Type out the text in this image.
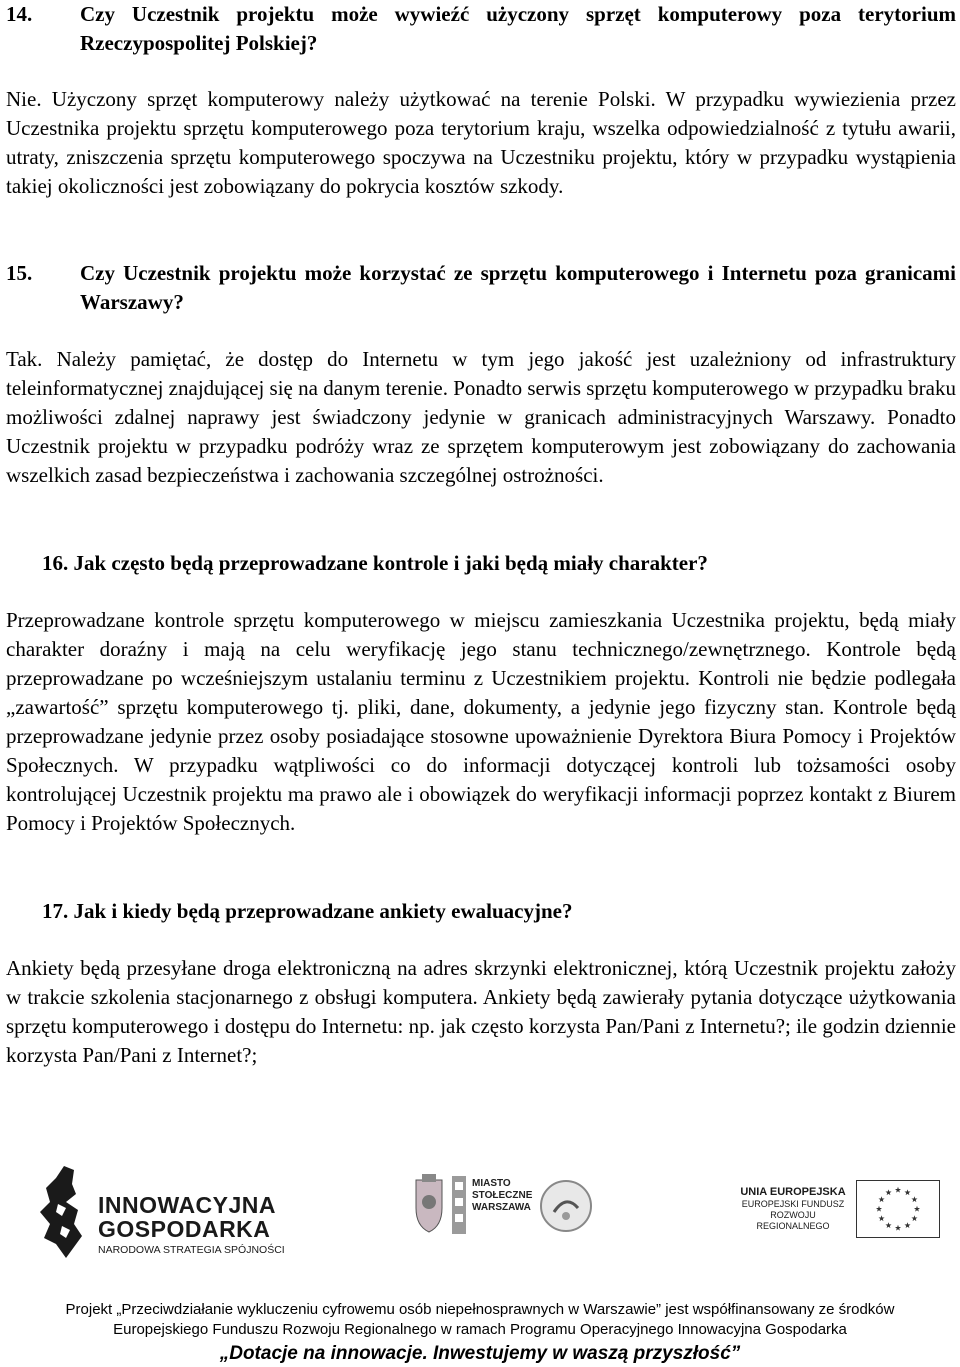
14. Czy Uczestnik projektu może wywieźć użyczony sprzęt komputerowy poza terytorium Rzeczypospolitej Polskiej?
Nie. Użyczony sprzęt komputerowy należy użytkować na terenie Polski. W przypadku wywiezienia przez Uczestnika projektu sprzętu komputerowego poza terytorium kraju, wszelka odpowiedzialność z tytułu awarii, utraty, zniszczenia sprzętu komputerowego spoczywa na Uczestniku projektu, który w przypadku wystąpienia takiej okoliczności jest zobowiązany do pokrycia kosztów szkody.
15. Czy Uczestnik projektu może korzystać ze sprzętu komputerowego i Internetu poza granicami Warszawy?
Tak. Należy pamiętać, że dostęp do Internetu w tym jego jakość jest uzależniony od infrastruktury teleinformatycznej znajdującej się na danym terenie. Ponadto serwis sprzętu komputerowego w przypadku braku możliwości zdalnej naprawy jest świadczony jedynie w granicach administracyjnych Warszawy. Ponadto Uczestnik projektu w przypadku podróży wraz ze sprzętem komputerowym jest zobowiązany do zachowania wszelkich zasad bezpieczeństwa i zachowania szczególnej ostrożności.
16. Jak często będą przeprowadzane kontrole i jaki będą miały charakter?
Przeprowadzane kontrole sprzętu komputerowego w miejscu zamieszkania Uczestnika projektu, będą miały charakter doraźny i mają na celu weryfikację jego stanu technicznego/zewnętrznego. Kontrole będą przeprowadzane po wcześniejszym ustalaniu terminu z Uczestnikiem projektu. Kontroli nie będzie podlegała „zawartość” sprzętu komputerowego tj. pliki, dane, dokumenty, a jedynie jego fizyczny stan. Kontrole będą przeprowadzane jedynie przez osoby posiadające stosowne upoważnienie Dyrektora Biura Pomocy i Projektów Społecznych. W przypadku wątpliwości co do informacji dotyczącej kontroli lub tożsamości osoby kontrolującej Uczestnik projektu ma prawo ale i obowiązek do weryfikacji informacji poprzez kontakt z Biurem Pomocy i Projektów Społecznych.
17. Jak i kiedy będą przeprowadzane ankiety ewaluacyjne?
Ankiety będą przesyłane droga elektroniczną na adres skrzynki elektronicznej, którą Uczestnik projektu założy w trakcie szkolenia stacjonarnego z obsługi komputera. Ankiety będą zawierały pytania dotyczące użytkowania sprzętu komputerowego i dostępu do Internetu: np. jak często korzysta Pan/Pani z Internetu?; ile godzin dziennie korzysta Pan/Pani z Internet?;
INNOWACYJNA
GOSPODARKA
NARODOWA STRATEGIA SPÓJNOŚCI
MIASTO
STOŁECZNE
WARSZAWA
UNIA EUROPEJSKA
EUROPEJSKI FUNDUSZ
ROZWOJU REGIONALNEGO
Projekt „Przeciwdziałanie wykluczeniu cyfrowemu osób niepełnosprawnych w Warszawie” jest współfinansowany ze środków
Europejskiego Funduszu Rozwoju Regionalnego w ramach Programu Operacyjnego Innowacyjna Gospodarka
„Dotacje na innowacje. Inwestujemy w waszą przyszłość”
